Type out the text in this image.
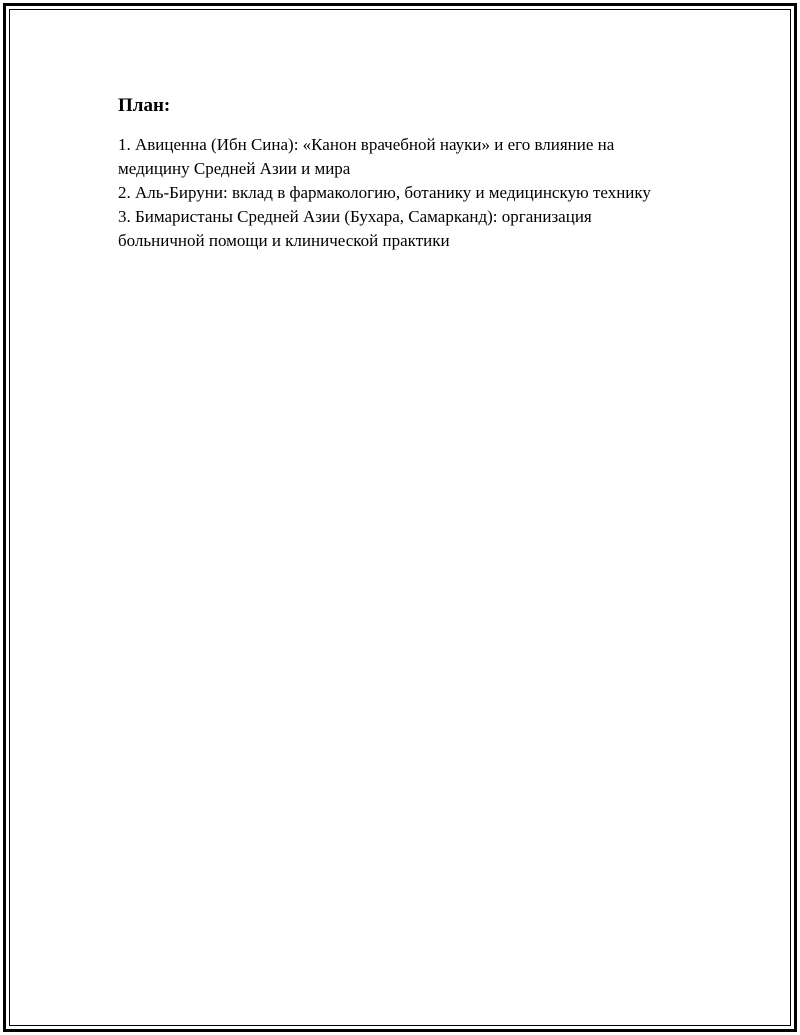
План:
1. Авиценна (Ибн Сина): «Канон врачебной науки» и его влияние на медицину Средней Азии и мира
2. Аль-Бируни: вклад в фармакологию, ботанику и медицинскую технику
3. Бимаристаны Средней Азии (Бухара, Самарканд): организация больничной помощи и клинической практики
